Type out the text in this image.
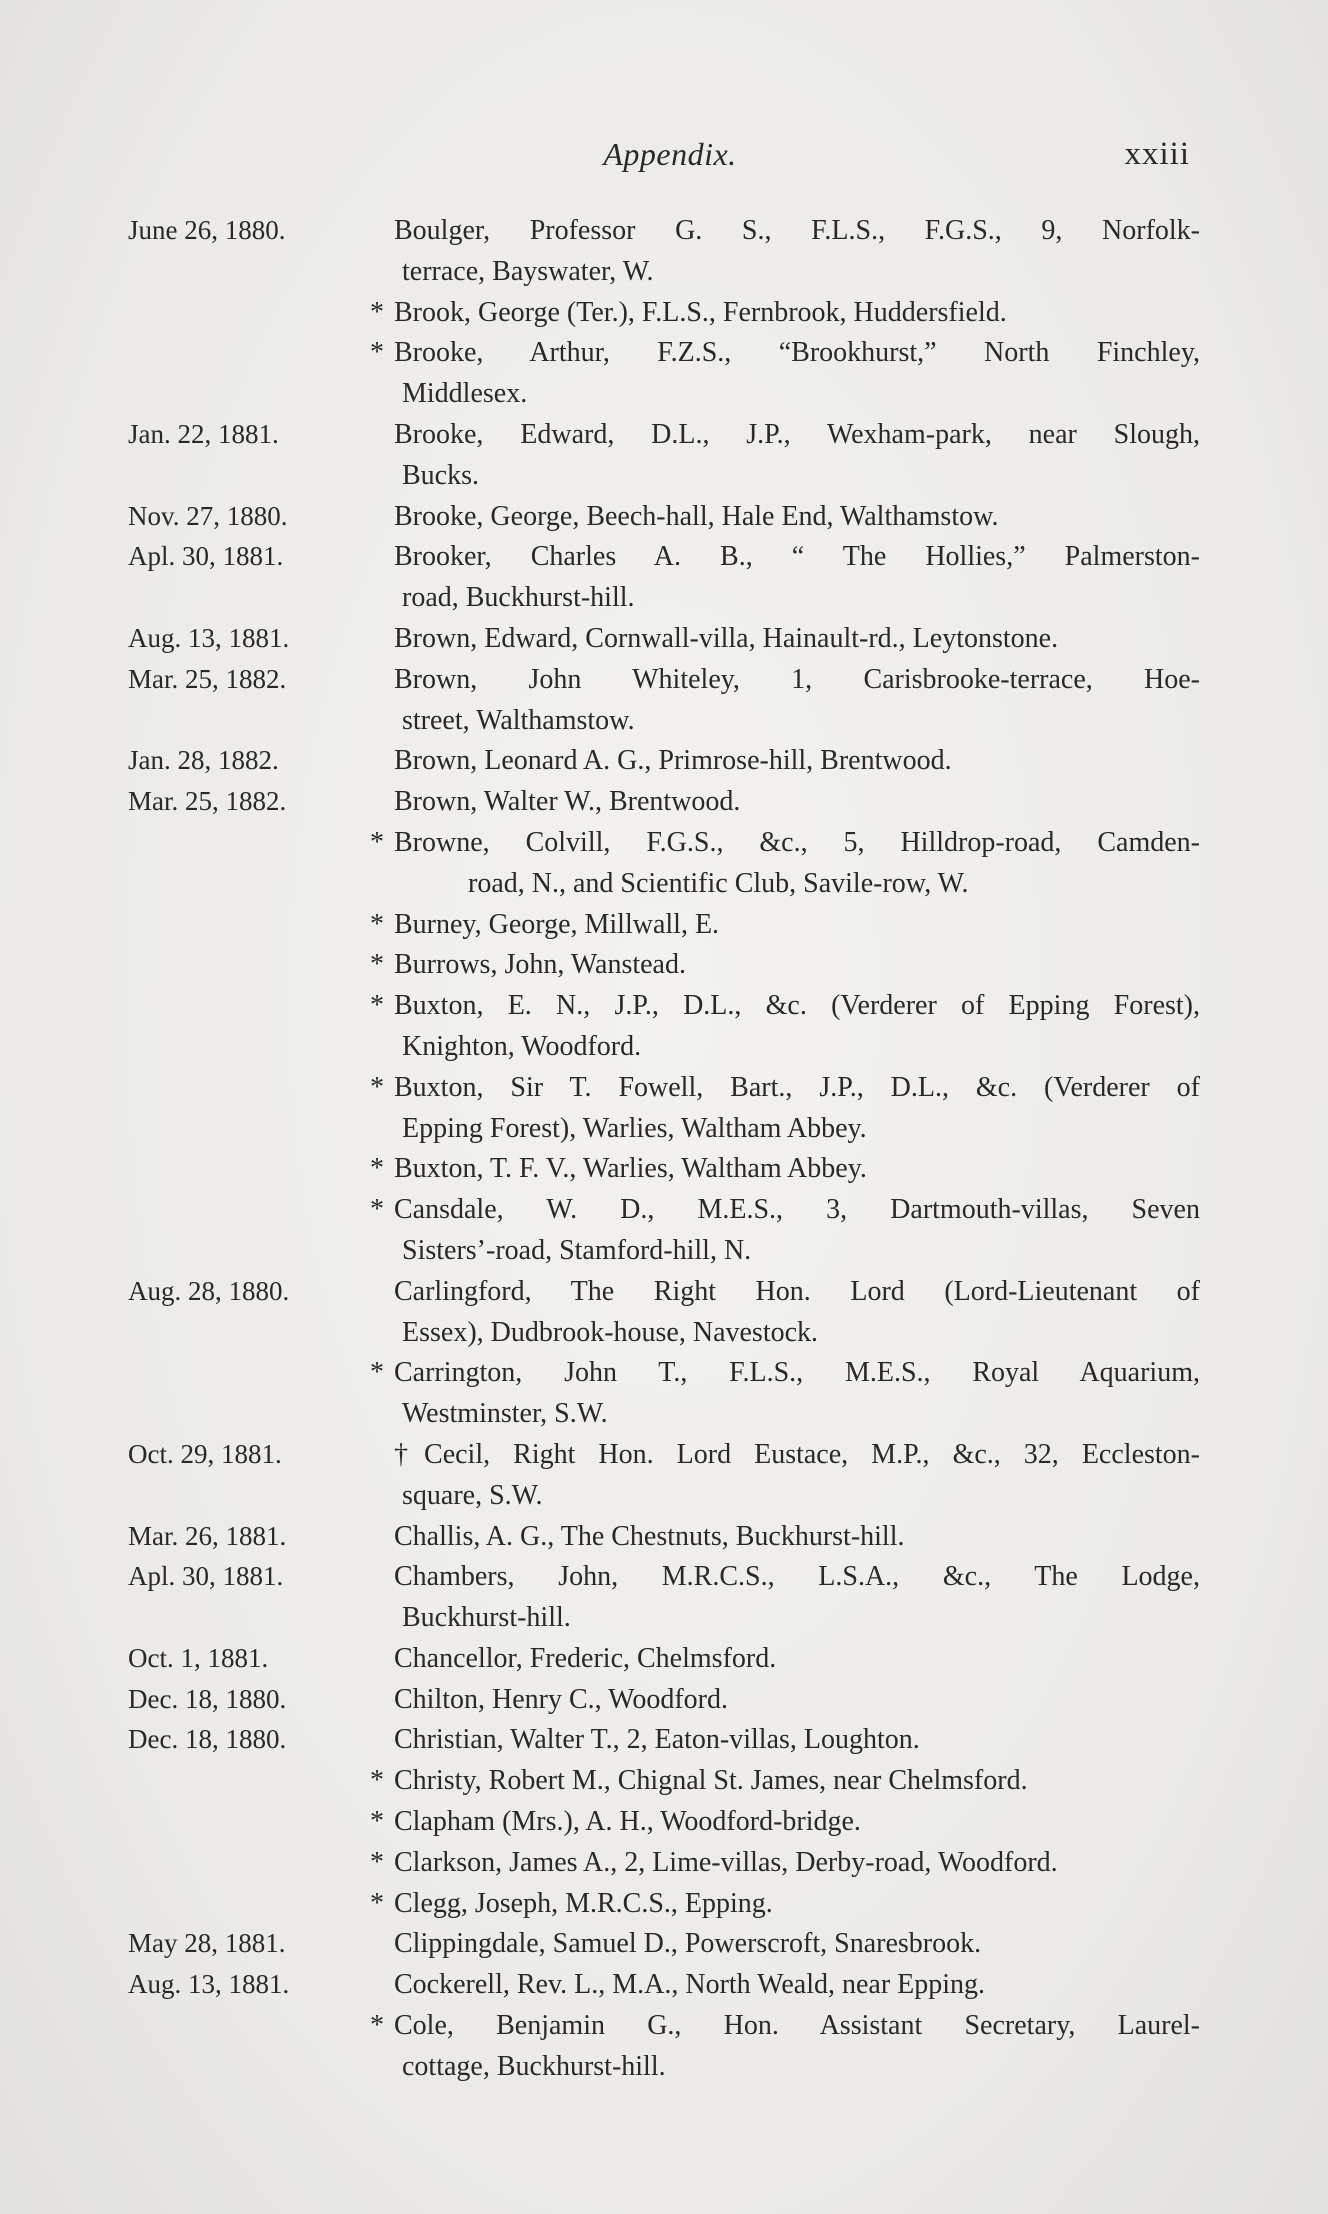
Appendix.	xxiii
June 26, 1880.	Boulger, Professor G. S., F.L.S., F.G.S., 9, Norfolk-
terrace, Bayswater, W.
* Brook, George (Ter.), F.L.S., Fernbrook, Huddersfield.
* Brooke, Arthur, F.Z.S., “Brookhurst,” North Finchley,
Middlesex.
Jan. 22, 1881.	Brooke, Edward, D.L., J.P., Wexham-park, near Slough,
Bucks.
Nov. 27, 1880.	Brooke, George, Beech-hall, Hale End, Walthamstow.
Apl. 30, 1881.	Brooker, Charles A. B., “ The Hollies,” Palmerston-
road, Buckhurst-hill.
Aug. 13, 1881.	Brown, Edward, Cornwall-villa, Hainault-rd., Leytonstone.
Mar. 25, 1882.	Brown, John Whiteley, 1, Carisbrooke-terrace, Hoe-
street, Walthamstow.
Jan. 28, 1882.	Brown, Leonard A. G., Primrose-hill, Brentwood.
Mar. 25, 1882.	Brown, Walter W., Brentwood.
* Browne, Colvill, F.G.S., &c., 5, Hilldrop-road, Camden-
road, N., and Scientific Club, Savile-row, W.
* Burney, George, Millwall, E.
* Burrows, John, Wanstead.
* Buxton, E. N., J.P., D.L., &c. (Verderer of Epping Forest),
Knighton, Woodford.
* Buxton, Sir T. Fowell, Bart., J.P., D.L., &c. (Verderer of
Epping Forest), Warlies, Waltham Abbey.
* Buxton, T. F. V., Warlies, Waltham Abbey.
* Cansdale, W. D., M.E.S., 3, Dartmouth-villas, Seven
Sisters’-road, Stamford-hill, N.
Aug. 28, 1880.	Carlingford, The Right Hon. Lord (Lord-Lieutenant of
Essex), Dudbrook-house, Navestock.
* Carrington, John T., F.L.S., M.E.S., Royal Aquarium,
Westminster, S.W.
Oct. 29, 1881.	†Cecil, Right Hon. Lord Eustace, M.P., &c., 32, Eccleston-
square, S.W.
Mar. 26, 1881.	Challis, A. G., The Chestnuts, Buckhurst-hill.
Apl. 30, 1881.	Chambers, John, M.R.C.S., L.S.A., &c., The Lodge,
Buckhurst-hill.
Oct. 1, 1881.	Chancellor, Frederic, Chelmsford.
Dec. 18, 1880.	Chilton, Henry C., Woodford.
Dec. 18, 1880.	Christian, Walter T., 2, Eaton-villas, Loughton.
* Christy, Robert M., Chignal St. James, near Chelmsford.
* Clapham (Mrs.), A. H., Woodford-bridge.
* Clarkson, James A., 2, Lime-villas, Derby-road, Woodford.
* Clegg, Joseph, M.R.C.S., Epping.
May 28, 1881.	Clippingdale, Samuel D., Powerscroft, Snaresbrook.
Aug. 13, 1881.	Cockerell, Rev. L., M.A., North Weald, near Epping.
* Cole, Benjamin G., Hon. Assistant Secretary, Laurel-
cottage, Buckhurst-hill.
